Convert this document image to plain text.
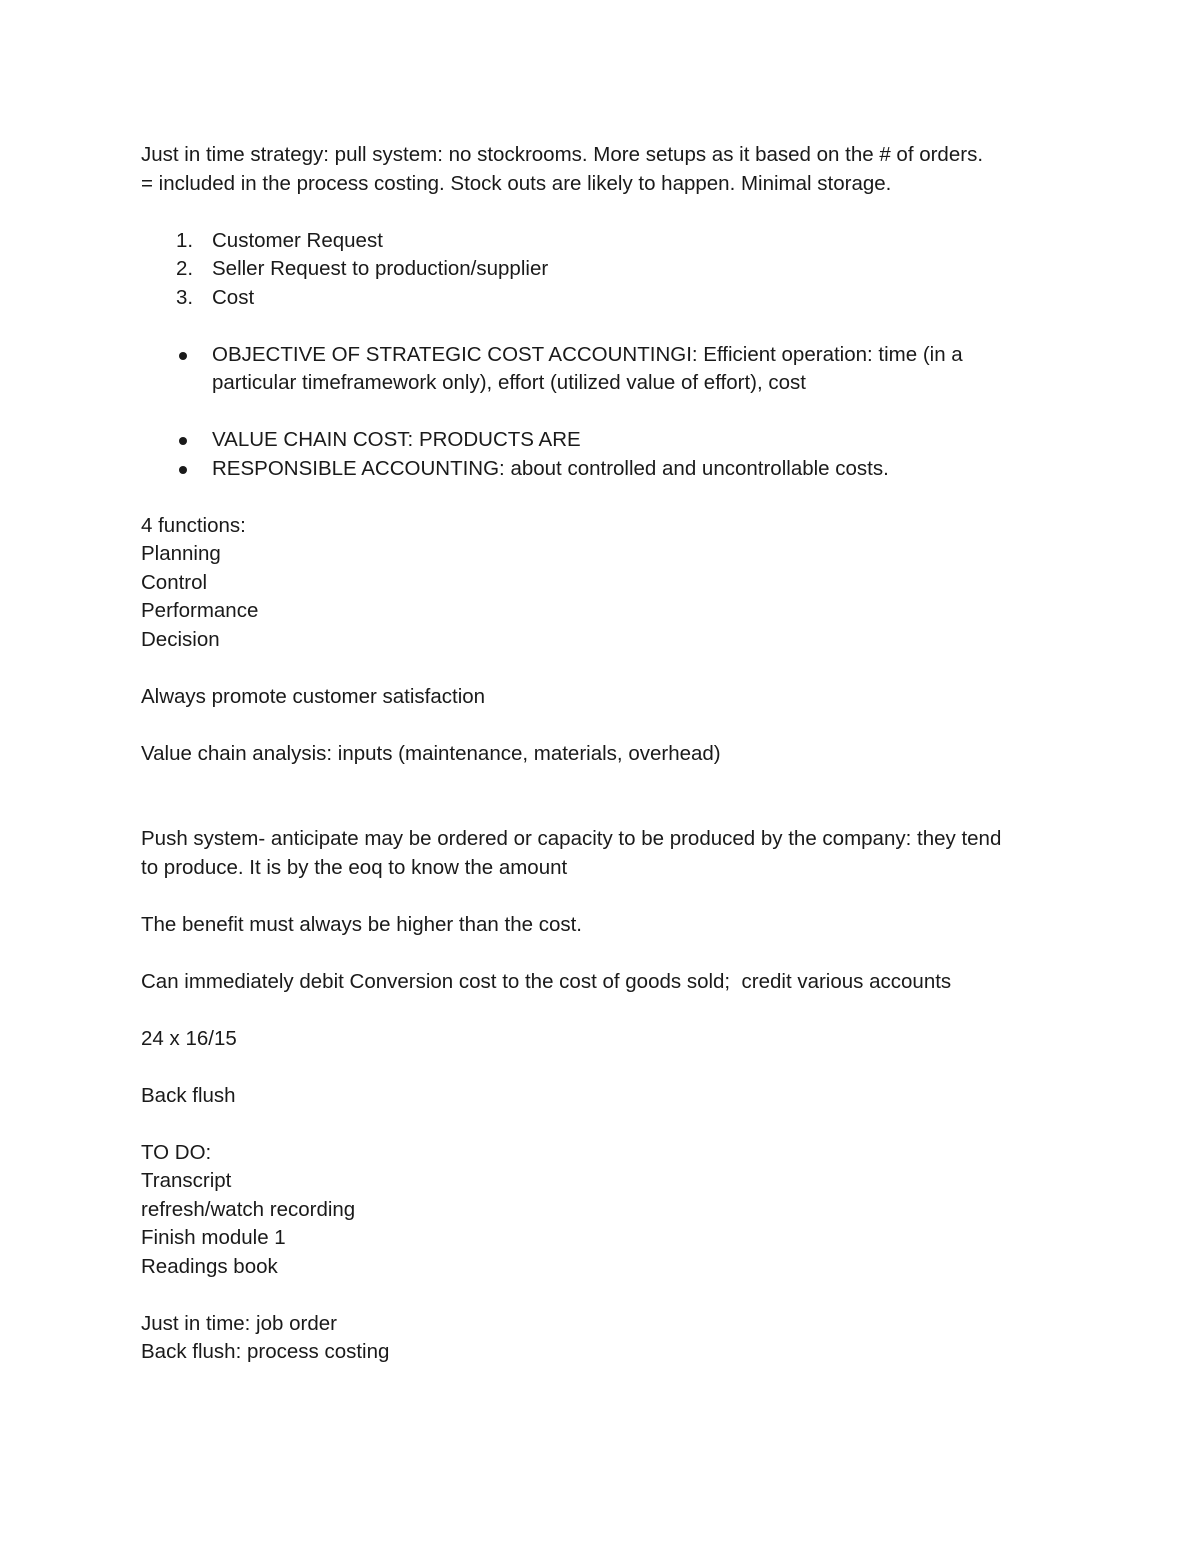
Just in time strategy: pull system: no stockrooms. More setups as it based on the # of orders.
= included in the process costing. Stock outs are likely to happen. Minimal storage.

1. Customer Request
2. Seller Request to production/supplier
3. Cost
OBJECTIVE OF STRATEGIC COST ACCOUNTINGI: Efficient operation: time (in a
particular timeframework only), effort (utilized value of effort), cost
VALUE CHAIN COST: PRODUCTS ARE
RESPONSIBLE ACCOUNTING: about controlled and uncontrollable costs.
4 functions:
Planning
Control
Performance
Decision

Always promote customer satisfaction

Value chain analysis: inputs (maintenance, materials, overhead)

Push system- anticipate may be ordered or capacity to be produced by the company: they tend
to produce. It is by the eoq to know the amount

The benefit must always be higher than the cost.

Can immediately debit Conversion cost to the cost of goods sold;  credit various accounts

24 x 16/15

Back flush

TO DO:
Transcript
refresh/watch recording
Finish module 1
Readings book
Just in time: job order
Back flush: process costing
